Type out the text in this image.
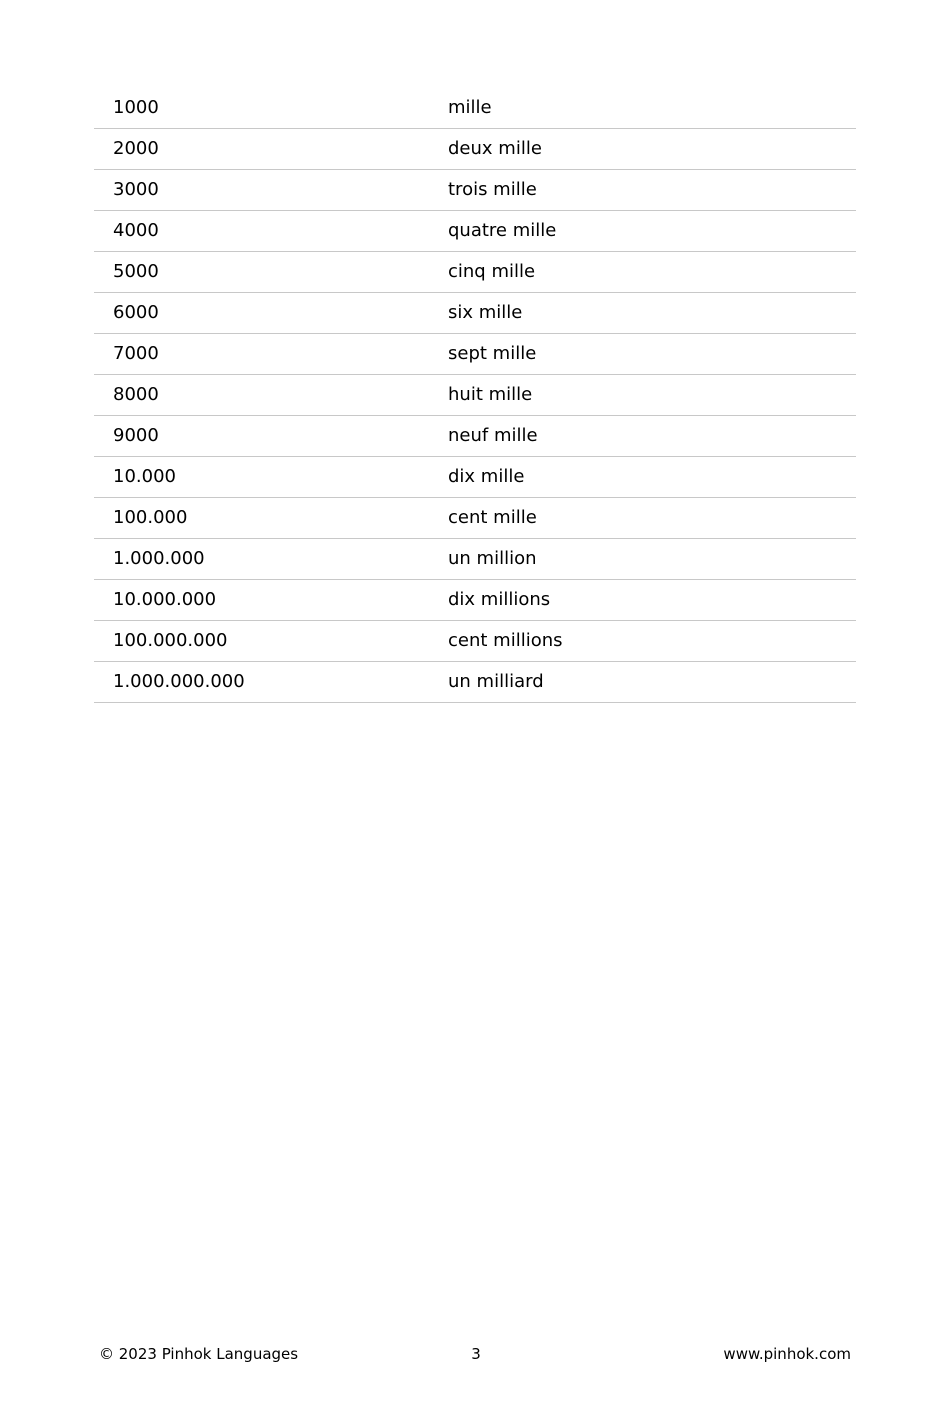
1000	mille
2000	deux mille
3000	trois mille
4000	quatre mille
5000	cinq mille
6000	six mille
7000	sept mille
8000	huit mille
9000	neuf mille
10.000	dix mille
100.000	cent mille
1.000.000	un million
10.000.000	dix millions
100.000.000	cent millions
1.000.000.000	un milliard
© 2023 Pinhok Languages	3	www.pinhok.com
